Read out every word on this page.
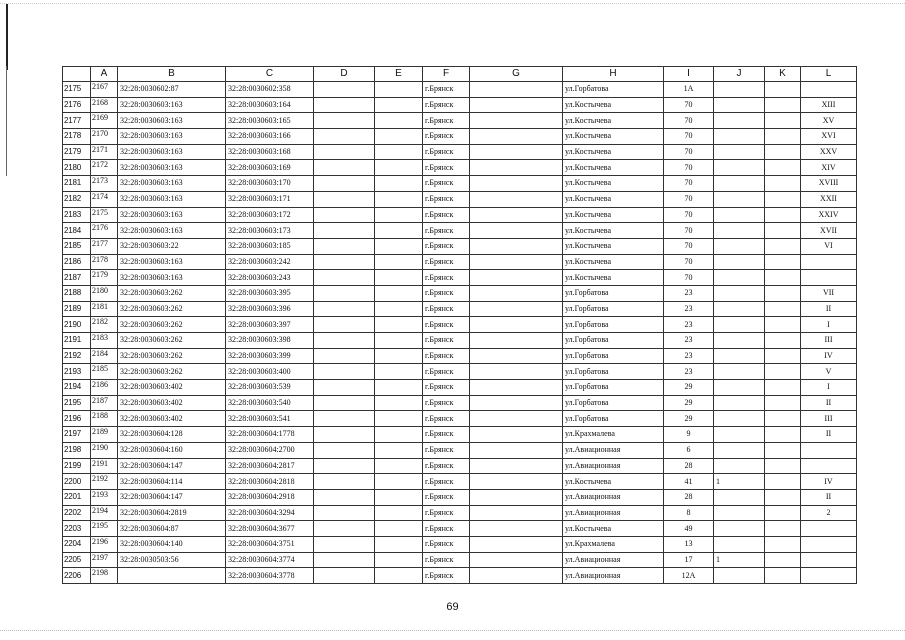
	A	B	C	D	E	F	G	H	I	J	K	L
2175	2167	32:28:0030602:87	32:28:0030602:358			г.Брянск		ул.Горбатова	1А			
2176	2168	32:28:0030603:163	32:28:0030603:164			г.Брянск		ул.Костычева	70			XIII
2177	2169	32:28:0030603:163	32:28:0030603:165			г.Брянск		ул.Костычева	70			XV
2178	2170	32:28:0030603:163	32:28:0030603:166			г.Брянск		ул.Костычева	70			XVI
2179	2171	32:28:0030603:163	32:28:0030603:168			г.Брянск		ул.Костычева	70			XXV
2180	2172	32:28:0030603:163	32:28:0030603:169			г.Брянск		ул.Костычева	70			XIV
2181	2173	32:28:0030603:163	32:28:0030603:170			г.Брянск		ул.Костычева	70			XVIII
2182	2174	32:28:0030603:163	32:28:0030603:171			г.Брянск		ул.Костычева	70			XXII
2183	2175	32:28:0030603:163	32:28:0030603:172			г.Брянск		ул.Костычева	70			XXIV
2184	2176	32:28:0030603:163	32:28:0030603:173			г.Брянск		ул.Костычева	70			XVII
2185	2177	32:28:0030603:22	32:28:0030603:185			г.Брянск		ул.Костычева	70			VI
2186	2178	32:28:0030603:163	32:28:0030603:242			г.Брянск		ул.Костычева	70			
2187	2179	32:28:0030603:163	32:28:0030603:243			г.Брянск		ул.Костычева	70			
2188	2180	32:28:0030603:262	32:28:0030603:395			г.Брянск		ул.Горбатова	23			VII
2189	2181	32:28:0030603:262	32:28:0030603:396			г.Брянск		ул.Горбатова	23			II
2190	2182	32:28:0030603:262	32:28:0030603:397			г.Брянск		ул.Горбатова	23			I
2191	2183	32:28:0030603:262	32:28:0030603:398			г.Брянск		ул.Горбатова	23			III
2192	2184	32:28:0030603:262	32:28:0030603:399			г.Брянск		ул.Горбатова	23			IV
2193	2185	32:28:0030603:262	32:28:0030603:400			г.Брянск		ул.Горбатова	23			V
2194	2186	32:28:0030603:402	32:28:0030603:539			г.Брянск		ул.Горбатова	29			I
2195	2187	32:28:0030603:402	32:28:0030603:540			г.Брянск		ул.Горбатова	29			II
2196	2188	32:28:0030603:402	32:28:0030603:541			г.Брянск		ул.Горбатова	29			III
2197	2189	32:28:0030604:128	32:28:0030604:1778			г.Брянск		ул.Крахмалева	9			II
2198	2190	32:28:0030604:160	32:28:0030604:2700			г.Брянск		ул.Авиационная	6			
2199	2191	32:28:0030604:147	32:28:0030604:2817			г.Брянск		ул.Авиационная	28			
2200	2192	32:28:0030604:114	32:28:0030604:2818			г.Брянск		ул.Костычева	41	1		IV
2201	2193	32:28:0030604:147	32:28:0030604:2918			г.Брянск		ул.Авиационная	28			II
2202	2194	32:28:0030604:2819	32:28:0030604:3294			г.Брянск		ул.Авиационная	8			2
2203	2195	32:28:0030604:87	32:28:0030604:3677			г.Брянск		ул.Костычева	49			
2204	2196	32:28:0030604:140	32:28:0030604:3751			г.Брянск		ул.Крахмалева	13			
2205	2197	32:28:0030503:56	32:28:0030604:3774			г.Брянск		ул.Авиационная	17	1		
2206	2198		32:28:0030604:3778			г.Брянск		ул.Авиационная	12А			
69
